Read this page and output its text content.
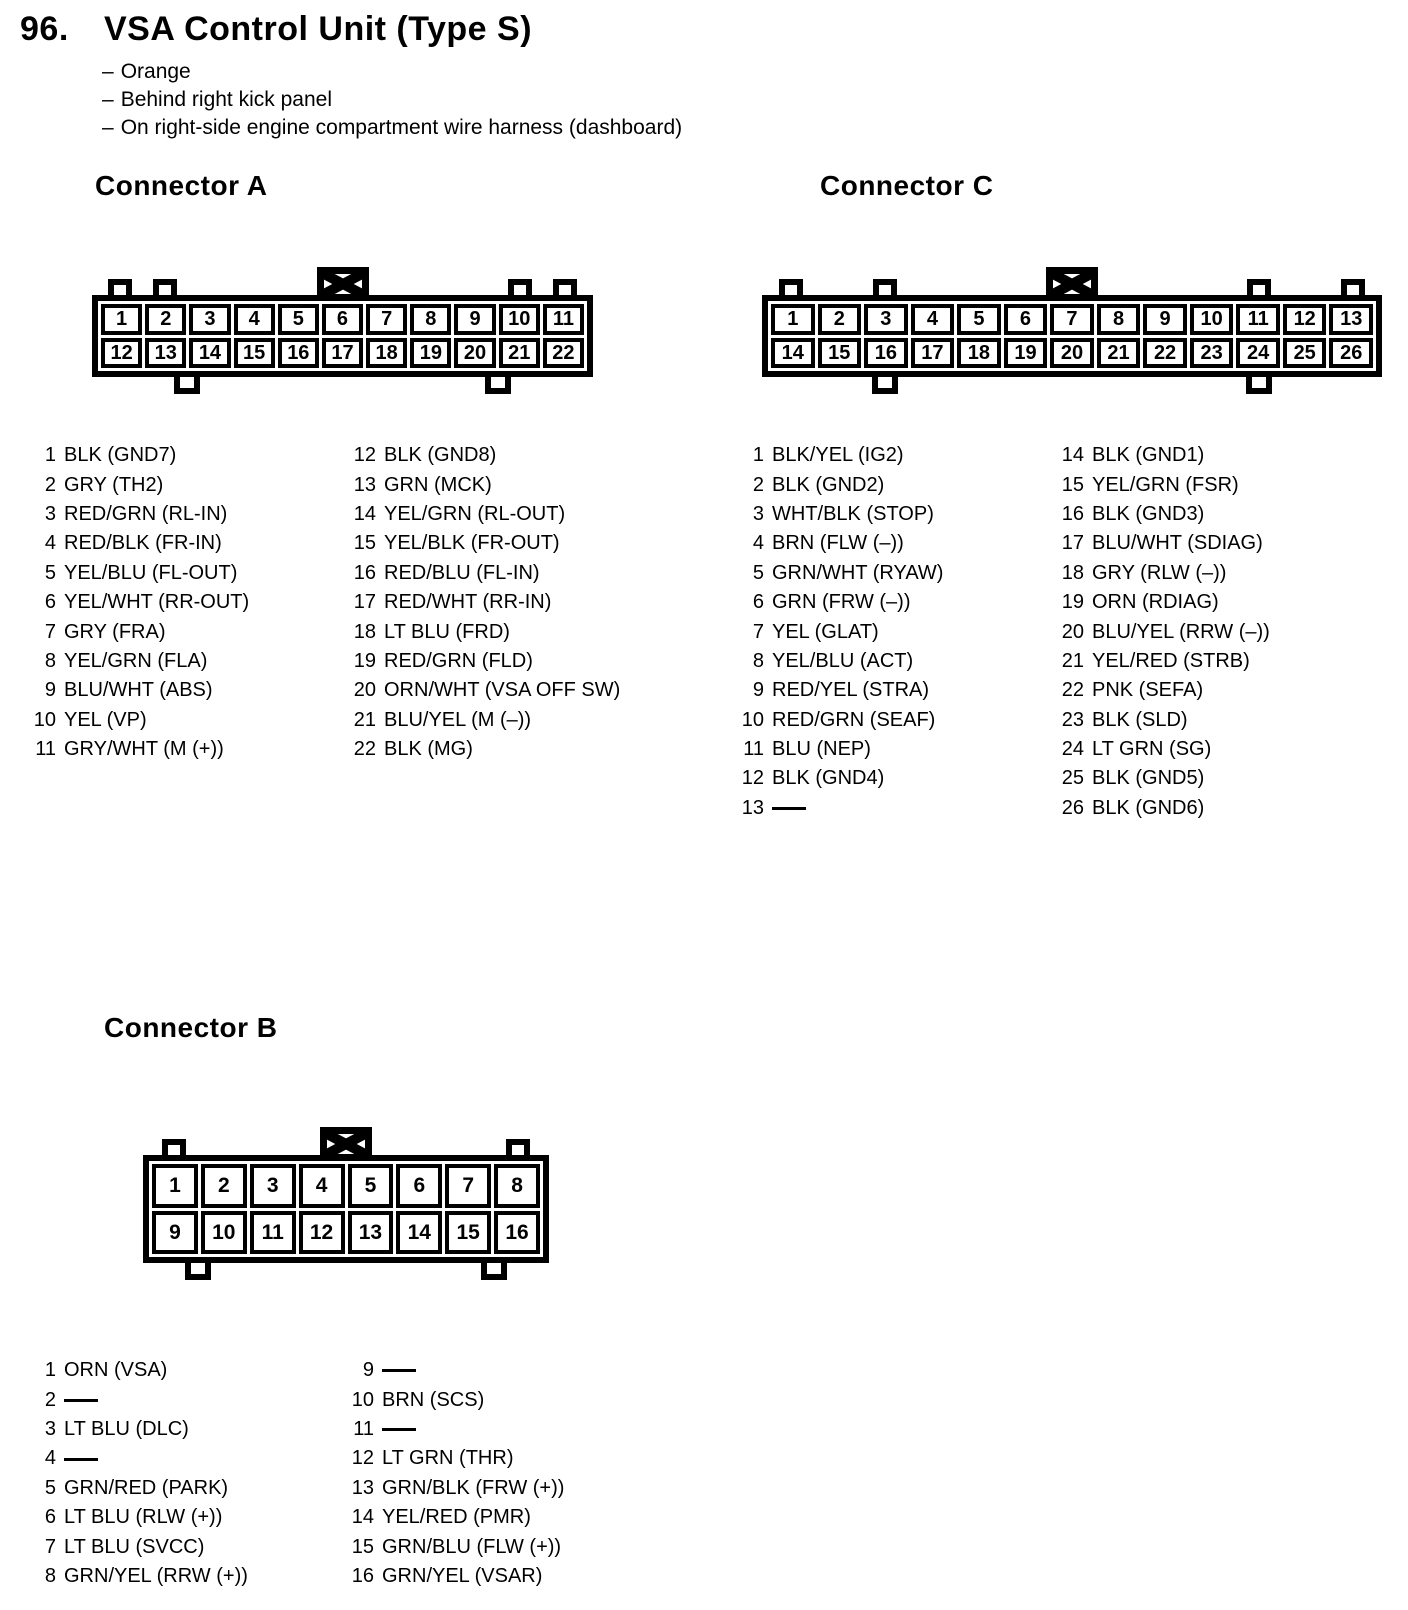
96. VSA Control Unit (Type S)
– Orange
– Behind right kick panel
– On right-side engine compartment wire harness (dashboard)
Connector A	Connector C
Connector B
1	2	3	4	5	6	7	8	9	10	11
12	13	14	15	16	17	18	19	20	21	22
1	2	3	4	5	6	7	8	9	10	11	12	13
14	15	16	17	18	19	20	21	22	23	24	25	26
1	2	3	4	5	6	7	8
9	10	11	12	13	14	15	16
1 BLK (GND7)
2 GRY (TH2)
3 RED/GRN (RL-IN)
4 RED/BLK (FR-IN)
5 YEL/BLU (FL-OUT)
6 YEL/WHT (RR-OUT)
7 GRY (FRA)
8 YEL/GRN (FLA)
9 BLU/WHT (ABS)
10 YEL (VP)
11 GRY/WHT (M (+))
12 BLK (GND8)
13 GRN (MCK)
14 YEL/GRN (RL-OUT)
15 YEL/BLK (FR-OUT)
16 RED/BLU (FL-IN)
17 RED/WHT (RR-IN)
18 LT BLU (FRD)
19 RED/GRN (FLD)
20 ORN/WHT (VSA OFF SW)
21 BLU/YEL (M (–))
22 BLK (MG)
1 BLK/YEL (IG2)
2 BLK (GND2)
3 WHT/BLK (STOP)
4 BRN (FLW (–))
5 GRN/WHT (RYAW)
6 GRN (FRW (–))
7 YEL (GLAT)
8 YEL/BLU (ACT)
9 RED/YEL (STRA)
10 RED/GRN (SEAF)
11 BLU (NEP)
12 BLK (GND4)
13
14 BLK (GND1)
15 YEL/GRN (FSR)
16 BLK (GND3)
17 BLU/WHT (SDIAG)
18 GRY (RLW (–))
19 ORN (RDIAG)
20 BLU/YEL (RRW (–))
21 YEL/RED (STRB)
22 PNK (SEFA)
23 BLK (SLD)
24 LT GRN (SG)
25 BLK (GND5)
26 BLK (GND6)
1 ORN (VSA)
2
3 LT BLU (DLC)
4
5 GRN/RED (PARK)
6 LT BLU (RLW (+))
7 LT BLU (SVCC)
8 GRN/YEL (RRW (+))
9
10 BRN (SCS)
11
12 LT GRN (THR)
13 GRN/BLK (FRW (+))
14 YEL/RED (PMR)
15 GRN/BLU (FLW (+))
16 GRN/YEL (VSAR)
